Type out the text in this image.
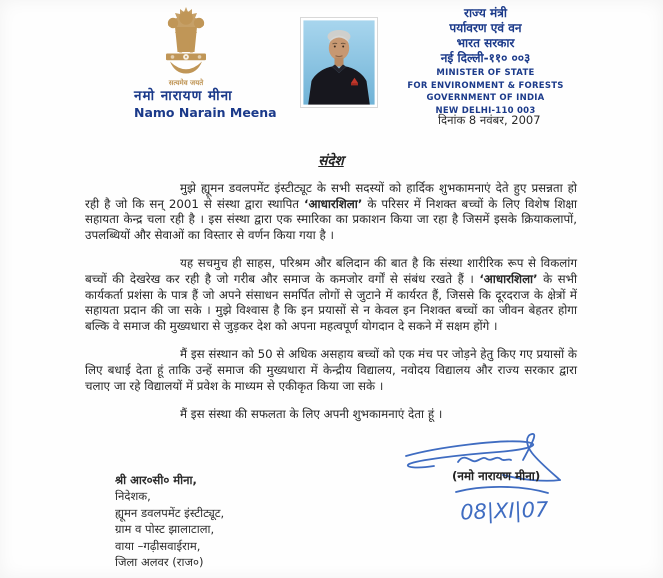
सत्यमेव जयते
नमो नारायण मीना
Namo Narain Meena
राज्य मंत्री
पर्यावरण एवं वन
भारत सरकार
नई दिल्ली-११० ००३
MINISTER OF STATE
FOR ENVIRONMENT & FORESTS
GOVERNMENT OF INDIA
NEW DELHI-110 003
दिनांक 8 नवंबर, 2007
संदेश

मुझे ह्यूमन डवलपमेंट इंस्टीट्यूट के सभी सदस्यों को हार्दिक शुभकामनाएं देते हुए प्रसन्नता हो रही है जो कि सन् 2001 से संस्था द्वारा स्थापित ‘आधारशिला’ के परिसर में निशक्त बच्चों के लिए विशेष शिक्षा सहायता केन्द्र चला रही है । इस संस्था द्वारा एक स्मारिका का प्रकाशन किया जा रहा है जिसमें इसके क्रियाकलापों, उपलब्धियों और सेवाओं का विस्तार से वर्णन किया गया है ।

यह सचमुच ही साहस, परिश्रम और बलिदान की बात है कि संस्था शारीरिक रूप से विकलांग बच्चों की देखरेख कर रही है जो गरीब और समाज के कमजोर वर्गों से संबंध रखते हैं । ‘आधारशिला’ के सभी कार्यकर्ता प्रशंसा के पात्र हैं जो अपने संसाधन समर्पित लोगों से जुटाने में कार्यरत हैं, जिससे कि दूरदराज के क्षेत्रों में सहायता प्रदान की जा सके । मुझे विश्वास है कि इन प्रयासों से न केवल इन निशक्त बच्चों का जीवन बेहतर होगा बल्कि वे समाज की मुख्यधारा से जुड़कर देश को अपना महत्वपूर्ण योगदान दे सकने में सक्षम होंगे ।

मैं इस संस्थान को 50 से अधिक असहाय बच्चों को एक मंच पर जोड़ने हेतु किए गए प्रयासों के लिए बधाई देता हूं ताकि उन्हें समाज की मुख्यधारा में केन्द्रीय विद्यालय, नवोदय विद्यालय और राज्य सरकार द्वारा चलाए जा रहे विद्यालयों में प्रवेश के माध्यम से एकीकृत किया जा सके ।

मैं इस संस्था की सफलता के लिए अपनी शुभकामनाएं देता हूं ।

(नमो नारायण मीना)
08|XI|07
श्री आर०सी० मीना,
निदेशक,
ह्यूमन डवलपमेंट इंस्टीट्यूट,
ग्राम व पोस्ट झालाटाला,
वाया –गढ़ीसवाईराम,
जिला अलवर (राज०)
